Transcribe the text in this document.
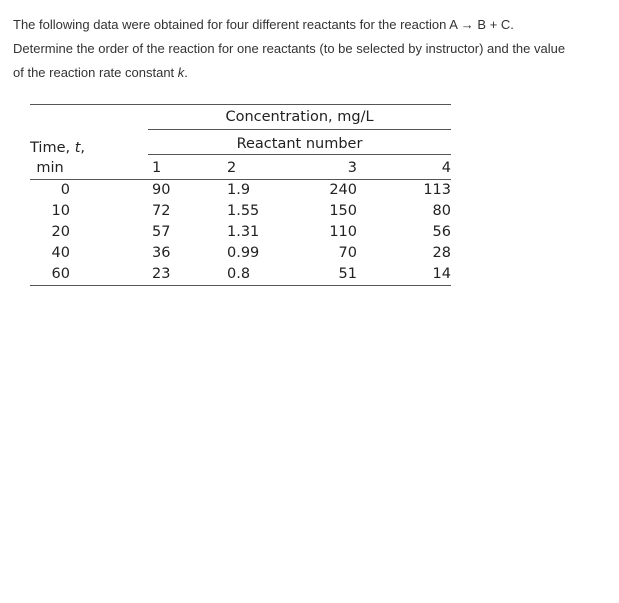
The following data were obtained for four different reactants for the reaction A → B + C.
Determine the order of the reaction for one reactants (to be selected by instructor) and the value
of the reaction rate constant k.
Concentration, mg/L
Reactant number
Time, t,
min	1	2	3	4
0	90	1.9	240	113
10	72	1.55	150	80
20	57	1.31	110	56
40	36	0.99	70	28
60	23	0.8	51	14
